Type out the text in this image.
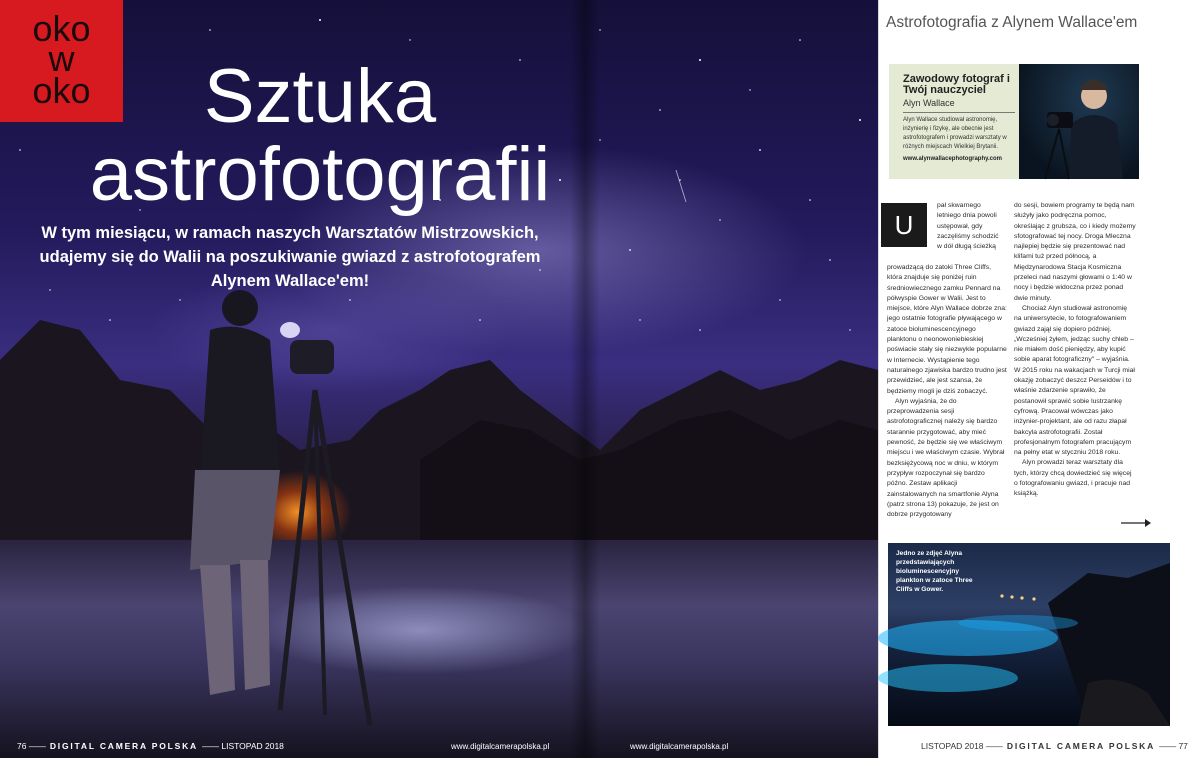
oko
w
oko	Sztuka
astrofotografii
W tym miesiącu, w ramach naszych Warsztatów Mistrzowskich, udajemy się do Walii na poszukiwanie gwiazd z astrofotografem Alynem Wallace'em!
76 —— DIGITAL CAMERA POLSKA —— LISTOPAD 2018	www.digitalcamerapolska.pl	www.digitalcamerapolska.pl
Astrofotografia z Alynem Wallace'em
Zawodowy fotograf i Twój nauczyciel
Alyn Wallace
Alyn Wallace studiował astronomię, inżynierię i fizykę, ale obecnie jest astrofotografem i prowadzi warsztaty w różnych miejscach Wielkiej Brytanii.
www.alynwallacephotography.com
U

pał skwarnego letniego dnia powoli ustępował, gdy zaczęliśmy schodzić w dół długą ścieżką

prowadzącą do zatoki Three Cliffs, która znajduje się poniżej ruin średniowiecznego zamku Pennard na półwyspie Gower w Walii. Jest to miejsce, które Alyn Wallace dobrze zna: jego ostatnie fotografie pływającego w zatoce bioluminescencyjnego planktonu o neonowoniebieskiej poświacie stały się niezwykle popularne w Internecie. Wystąpienie tego naturalnego zjawiska bardzo trudno jest przewidzieć, ale jest szansa, że będziemy mogli je dziś zobaczyć.

Alyn wyjaśnia, że do przeprowadzenia sesji astrofotograficznej należy się bardzo starannie przygotować, aby mieć pewność, że będzie się we właściwym miejscu i we właściwym czasie. Wybrał bezksiężycową noc w dniu, w którym przypływ rozpoczynał się bardzo późno. Zestaw aplikacji zainstalowanych na smartfonie Alyna (patrz strona 13) pokazuje, że jest on dobrze przygotowany

do sesji, bowiem programy te będą nam służyły jako podręczna pomoc, określając z grubsza, co i kiedy możemy sfotografować tej nocy. Droga Mleczna najlepiej będzie się prezentować nad klifami tuż przed północą, a Międzynarodowa Stacja Kosmiczna przeleci nad naszymi głowami o 1:40 w nocy i będzie widoczna przez ponad dwie minuty.

Chociaż Alyn studiował astronomię na uniwersytecie, to fotografowaniem gwiazd zajął się dopiero później. „Wcześniej żyłem, jedząc suchy chleb – nie miałem dość pieniędzy, aby kupić sobie aparat fotograficzny" – wyjaśnia. W 2015 roku na wakacjach w Turcji miał okazję zobaczyć deszcz Perseidów i to właśnie zdarzenie sprawiło, że postanowił sprawić sobie lustrzankę cyfrową. Pracował wówczas jako inżynier-projektant, ale od razu złapał bakcyla astrofotografii. Został profesjonalnym fotografem pracującym na pełny etat w styczniu 2018 roku.

Alyn prowadzi teraz warsztaty dla tych, którzy chcą dowiedzieć się więcej o fotografowaniu gwiazd, i pracuje nad książką.

Jedno ze zdjęć Alyna przedstawiających bioluminescencyjny plankton w zatoce Three Cliffs w Gower.
LISTOPAD 2018 —— DIGITAL CAMERA POLSKA —— 77
